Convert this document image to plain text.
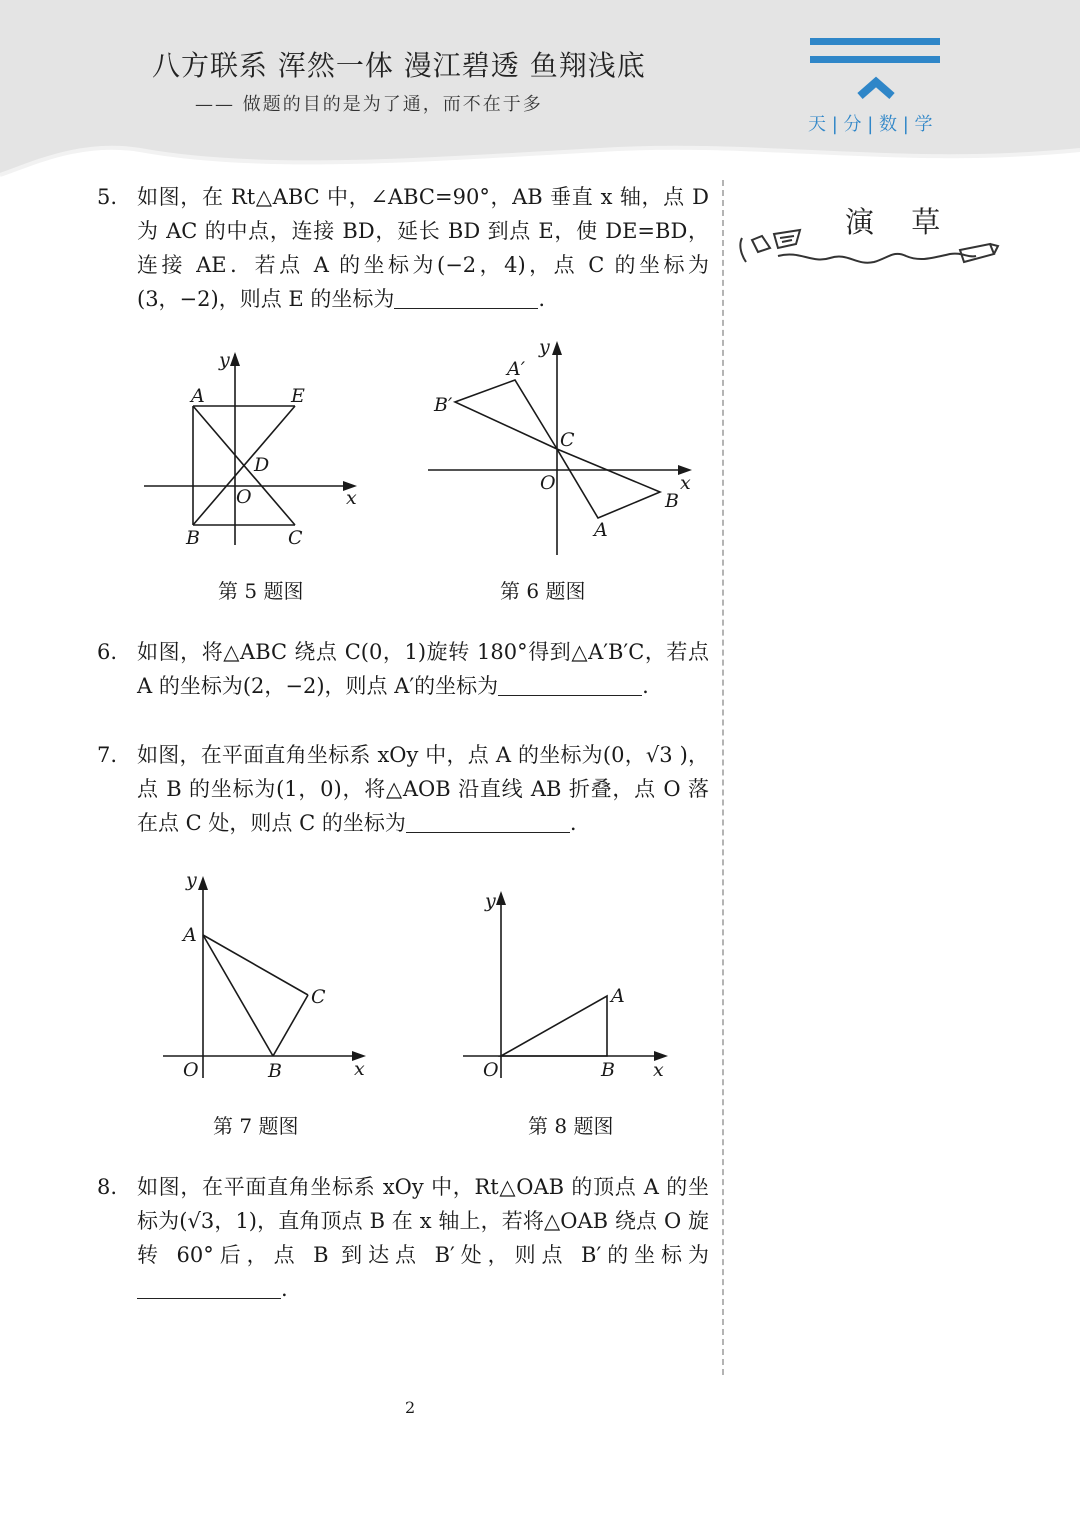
八方联系 浑然一体 漫江碧透 鱼翔浅底
—— 做题的目的是为了通，而不在于多
天 | 分 | 数 | 学
演 草
5. 如图，在 Rt△ABC 中，∠ABC=90°，AB 垂直 x 轴，点 D 为 AC 的中点，连接 BD，延长 BD 到点 E，使 DE=BD，连接 AE．若点 A 的坐标为(−2，4)，点 C 的坐标为(3，−2)，则点 E 的坐标为	.
y
x
A	E
D
O
B	C
第 5 题图
y
x
A′
B′
C
O
B
A
第 6 题图
6. 如图，将△ABC 绕点 C(0，1)旋转 180°得到△A′B′C，若点 A 的坐标为(2，−2)，则点 A′的坐标为	.
7. 如图，在平面直角坐标系 xOy 中，点 A 的坐标为(0，√3 )，点 B 的坐标为(1，0)，将△AOB 沿直线 AB 折叠，点 O 落在点 C 处，则点 C 的坐标为	.
y
x
A
C
O	B
第 7 题图
y
x
A
O	B
第 8 题图
8. 如图，在平面直角坐标系 xOy 中，Rt△OAB 的顶点 A 的坐标为(√3，1)，直角顶点 B 在 x 轴上，若将△OAB 绕点 O 旋转 60°后，点 B 到达点 B′处，则点 B′的坐标为.
2
